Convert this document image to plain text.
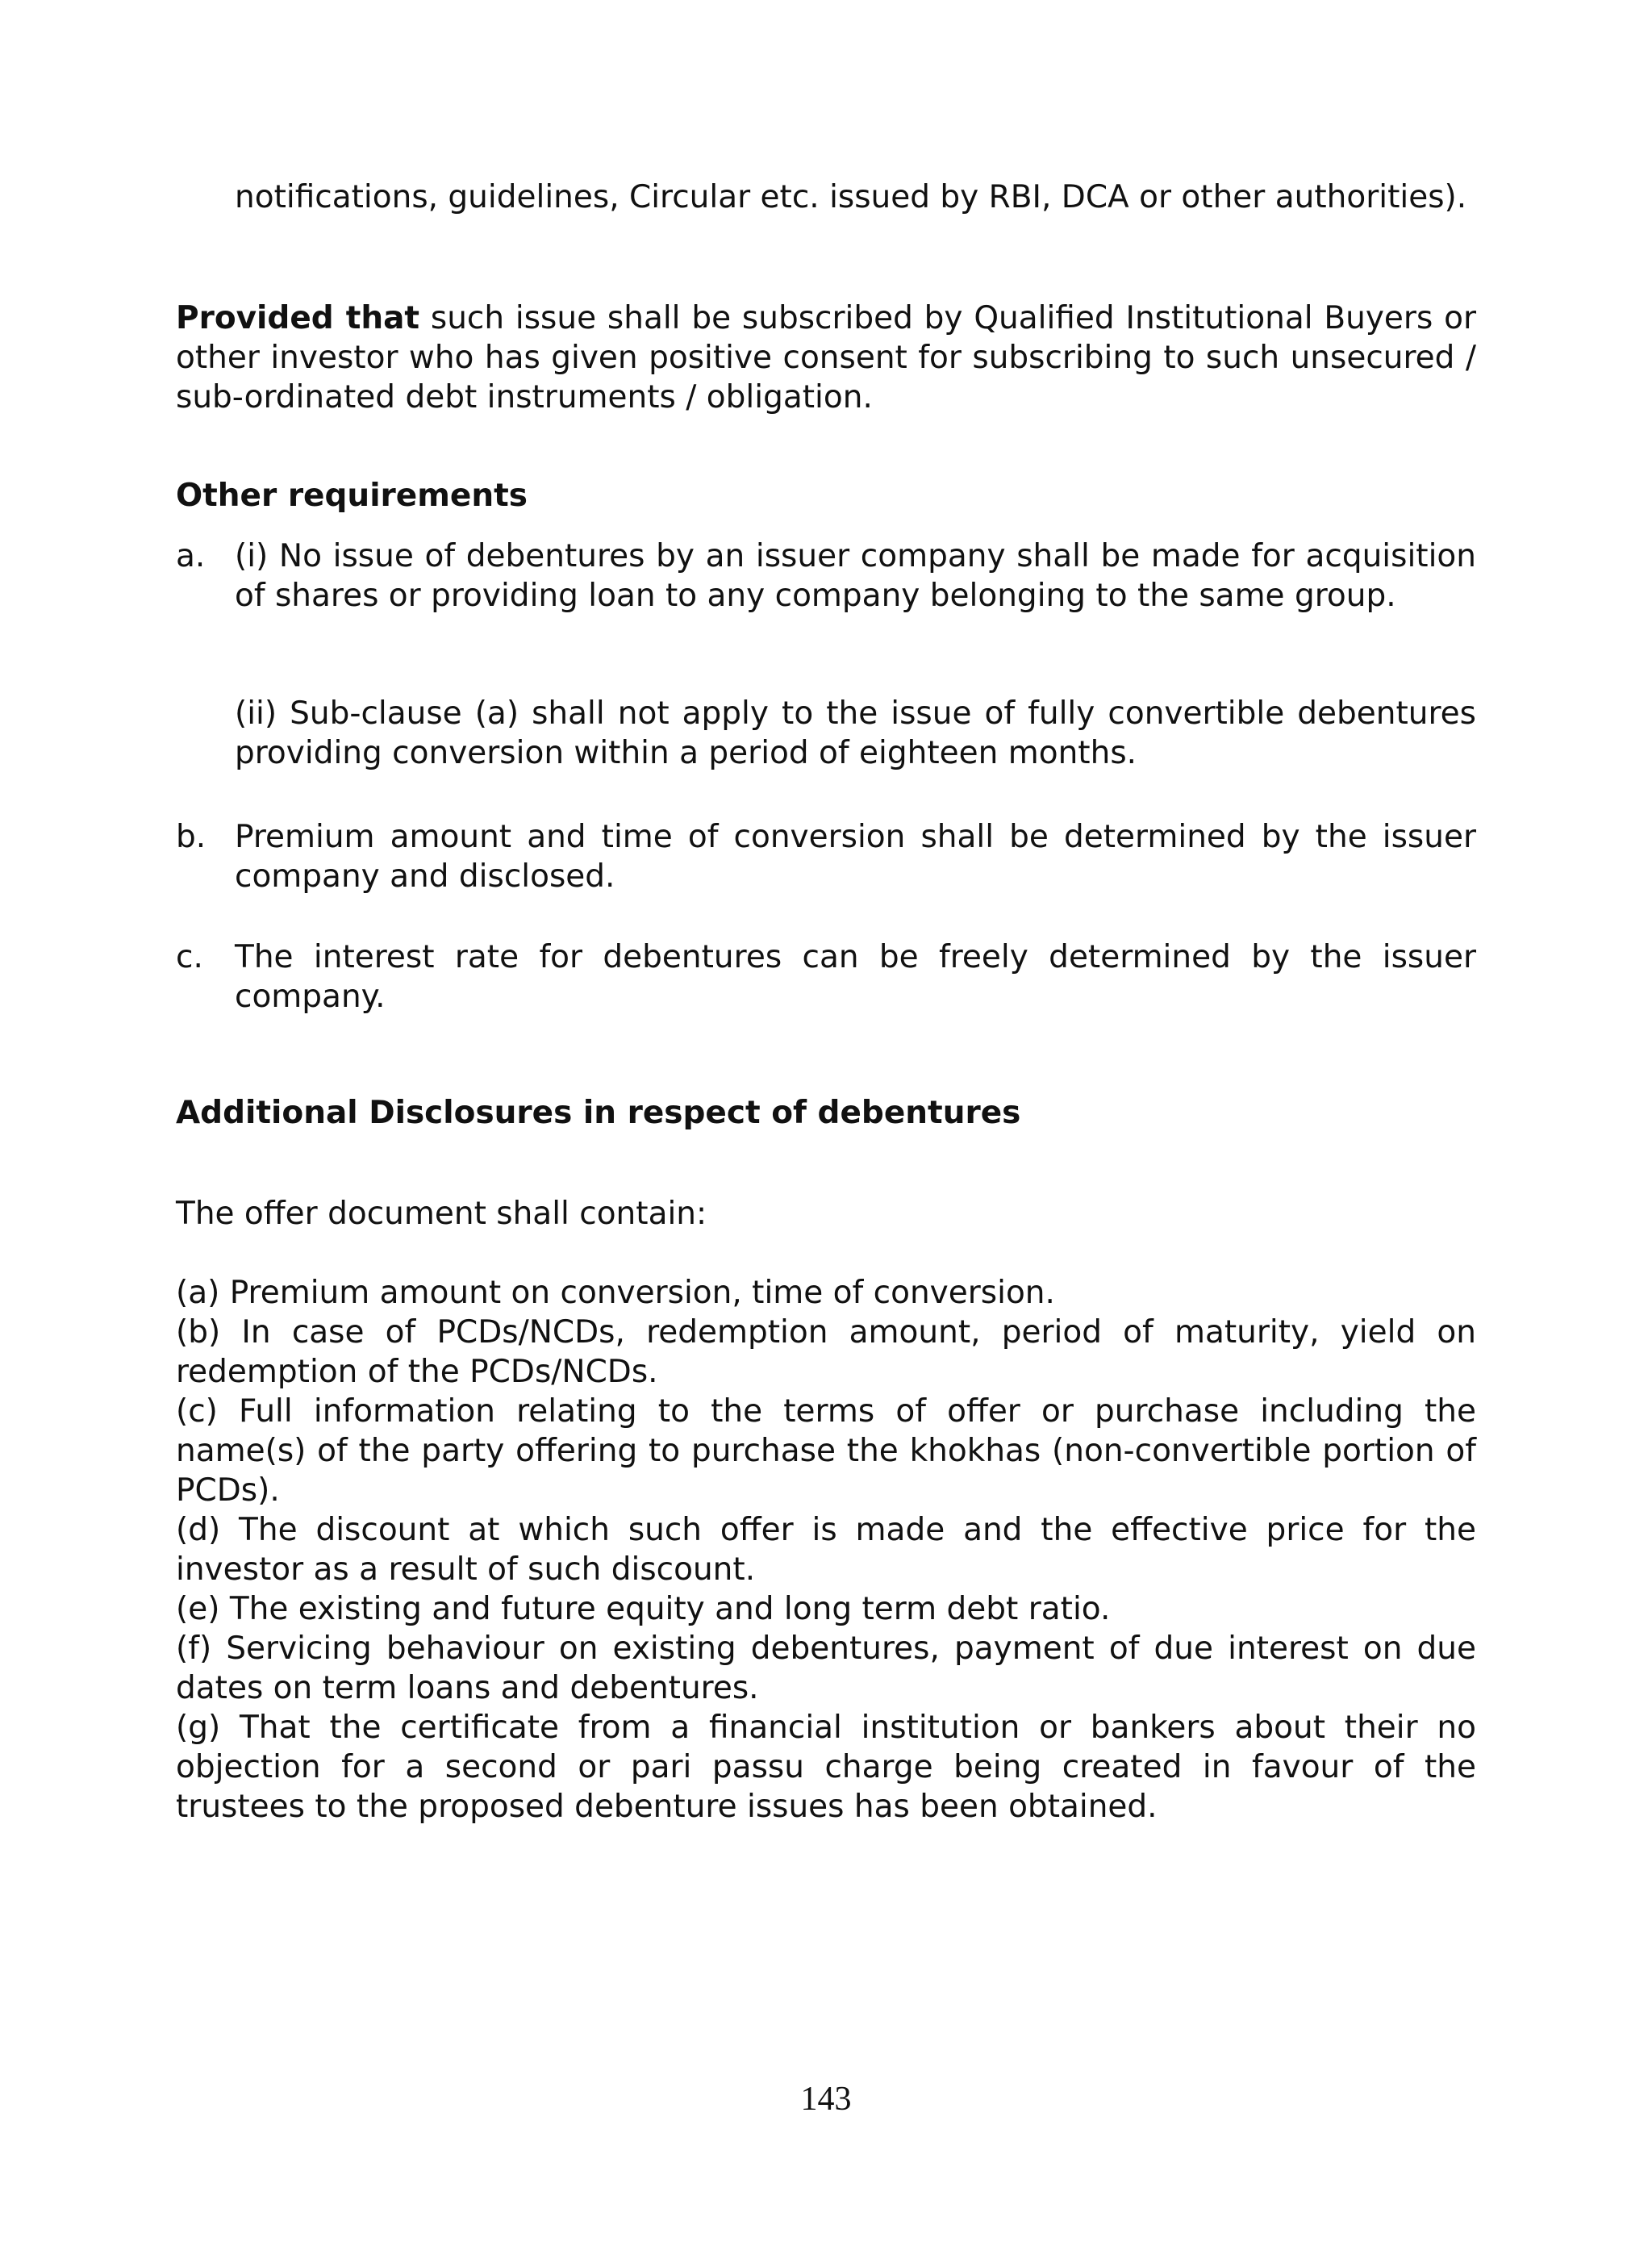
notifications, guidelines, Circular etc. issued by RBI, DCA or other authorities).
Provided that such issue shall be subscribed by Qualified Institutional Buyers or other investor who has given positive consent for subscribing to such unsecured / sub-ordinated debt instruments / obligation.
Other requirements
a. (i) No issue of debentures by an issuer company shall be made for acquisition of shares or providing loan to any company belonging to the same group.
(ii) Sub-clause (a) shall not apply to the issue of fully convertible debentures providing conversion within a period of eighteen months.
b. Premium amount and time of conversion shall be determined by the issuer company and disclosed.
c. The interest rate for debentures can be freely determined by the issuer company.
Additional Disclosures in respect of debentures
The offer document shall contain:

(a) Premium amount on conversion, time of conversion.

(b) In case of PCDs/NCDs, redemption amount, period of maturity, yield on redemption of the PCDs/NCDs.

(c) Full information relating to the terms of offer or purchase including the name(s) of the party offering to purchase the khokhas (non-convertible portion of PCDs).

(d) The discount at which such offer is made and the effective price for the investor as a result of such discount.

(e) The existing and future equity and long term debt ratio.

(f) Servicing behaviour on existing debentures, payment of due interest on due dates on term loans and debentures.

(g) That the certificate from a financial institution or bankers about their no objection for a second or pari passu charge being created in favour of the trustees to the proposed debenture issues has been obtained.

143
